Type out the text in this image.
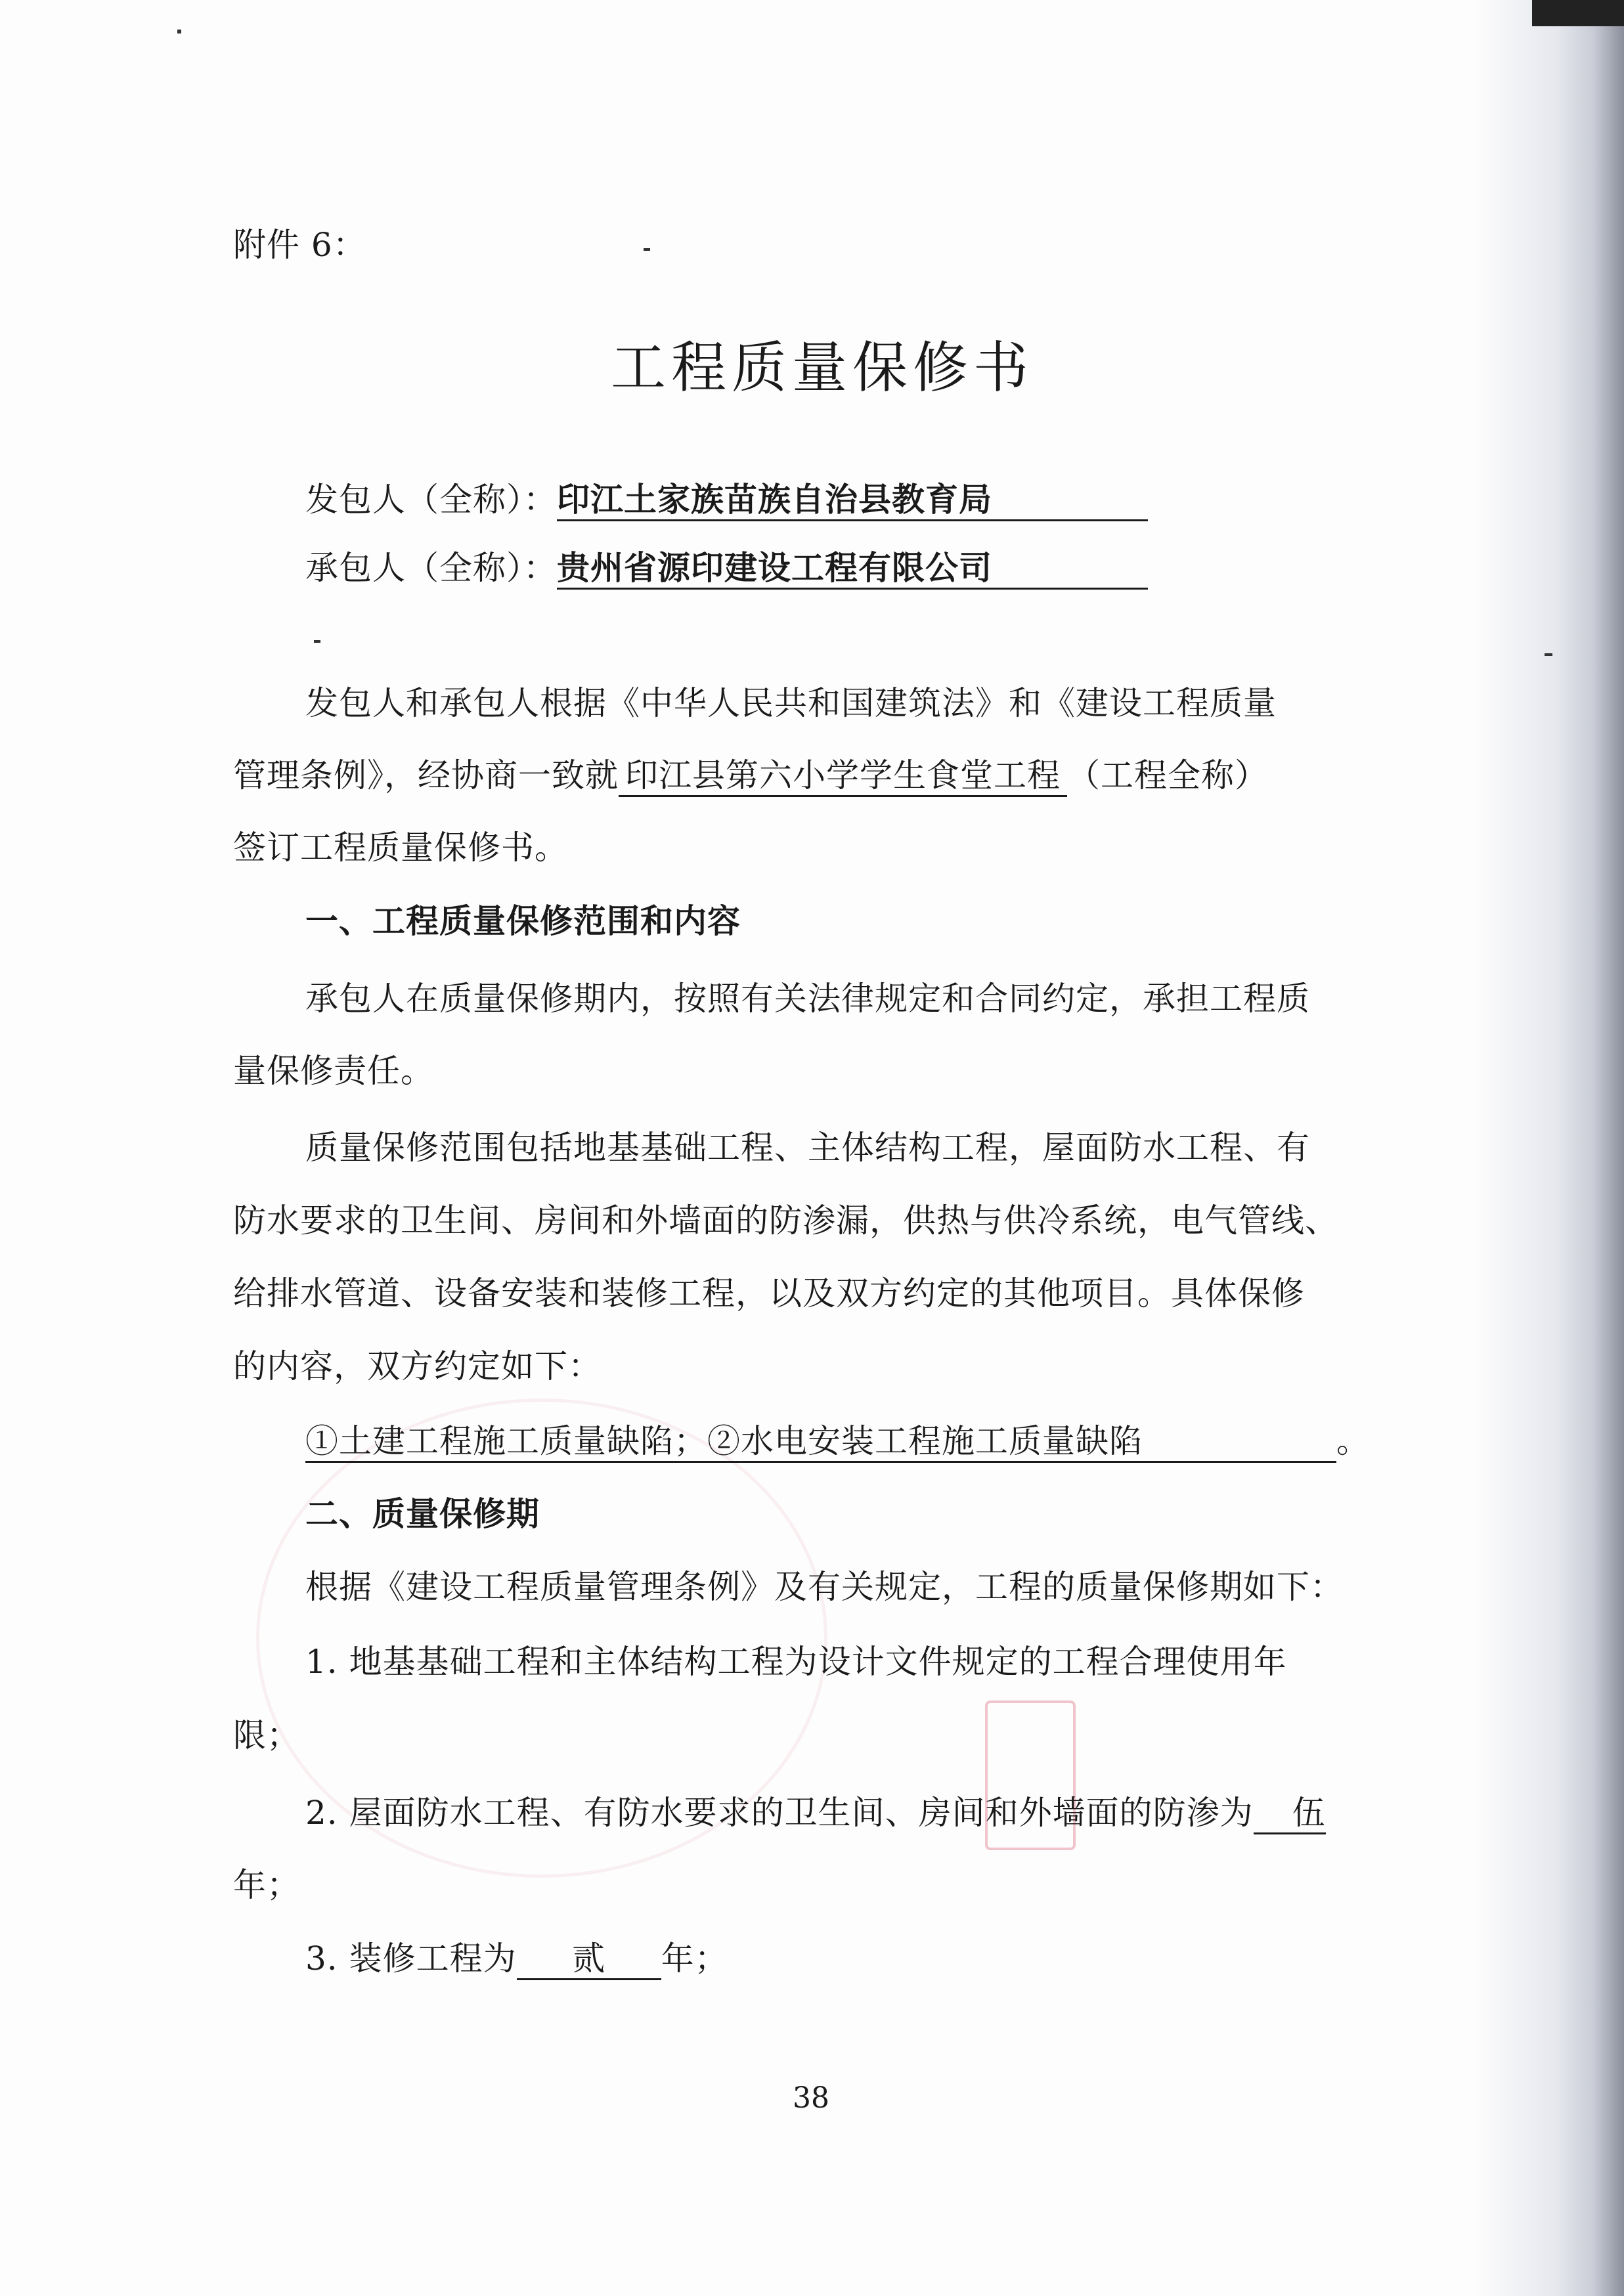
附件 6：
工程质量保修书
发包人（全称）：印江土家族苗族自治县教育局
承包人（全称）：贵州省源印建设工程有限公司
发包人和承包人根据《中华人民共和国建筑法》和《建设工程质量
管理条例》，经协商一致就 印江县第六小学学生食堂工程 （工程全称）
签订工程质量保修书。
一、工程质量保修范围和内容
承包人在质量保修期内，按照有关法律规定和合同约定，承担工程质
量保修责任。
质量保修范围包括地基基础工程、主体结构工程，屋面防水工程、有
防水要求的卫生间、房间和外墙面的防渗漏，供热与供冷系统，电气管线、
给排水管道、设备安装和装修工程，以及双方约定的其他项目。具体保修
的内容，双方约定如下：
①土建工程施工质量缺陷；②水电安装工程施工质量缺陷	。
二、质量保修期
根据《建设工程质量管理条例》及有关规定，工程的质量保修期如下：
1. 地基基础工程和主体结构工程为设计文件规定的工程合理使用年
限；
2. 屋面防水工程、有防水要求的卫生间、房间和外墙面的防渗为 伍
年；
3. 装修工程为 贰 年；
38
